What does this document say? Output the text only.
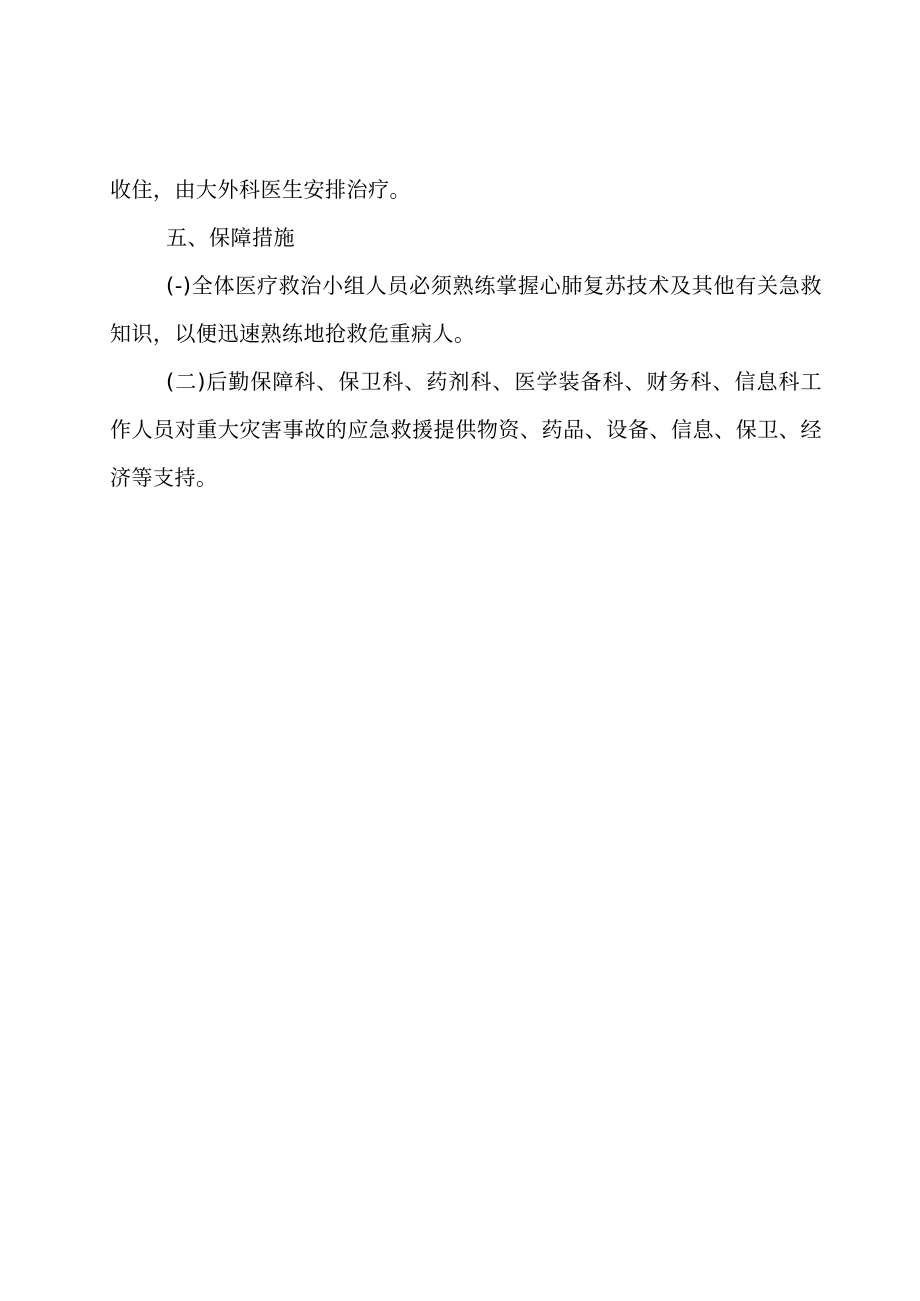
收住，由大外科医生安排治疗。

五、保障措施

(-)全体医疗救治小组人员必须熟练掌握心肺复苏技术及其他有关急救知识，以便迅速熟练地抢救危重病人。

(二)后勤保障科、保卫科、药剂科、医学装备科、财务科、信息科工作人员对重大灾害事故的应急救援提供物资、药品、设备、信息、保卫、经济等支持。
